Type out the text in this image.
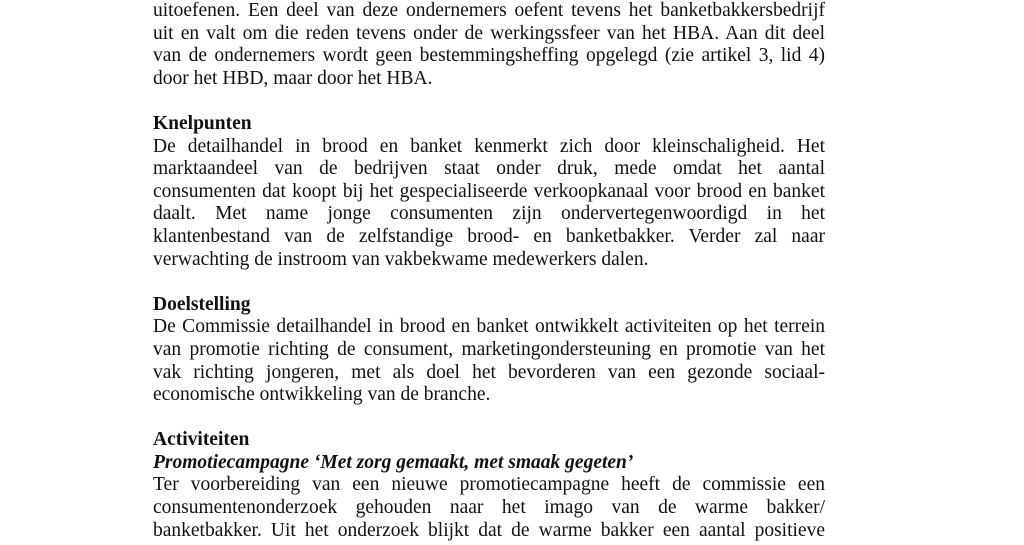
uitoefenen. Een deel van deze ondernemers oefent tevens het banketbakkersbedrijf
uit en valt om die reden tevens onder de werkingssfeer van het HBA. Aan dit deel
van de ondernemers wordt geen bestemmingsheffing opgelegd (zie artikel 3, lid 4)
door het HBD, maar door het HBA.
Knelpunten
De detailhandel in brood en banket kenmerkt zich door kleinschaligheid. Het
marktaandeel van de bedrijven staat onder druk, mede omdat het aantal
consumenten dat koopt bij het gespecialiseerde verkoopkanaal voor brood en banket
daalt. Met name jonge consumenten zijn ondervertegenwoordigd in het
klantenbestand van de zelfstandige brood- en banketbakker. Verder zal naar
verwachting de instroom van vakbekwame medewerkers dalen.
Doelstelling
De Commissie detailhandel in brood en banket ontwikkelt activiteiten op het terrein
van promotie richting de consument, marketingondersteuning en promotie van het
vak richting jongeren, met als doel het bevorderen van een gezonde sociaal-
economische ontwikkeling van de branche.
Activiteiten
Promotiecampagne ‘Met zorg gemaakt, met smaak gegeten’
Ter voorbereiding van een nieuwe promotiecampagne heeft de commissie een
consumentenonderzoek gehouden naar het imago van de warme bakker/
banketbakker. Uit het onderzoek blijkt dat de warme bakker een aantal positieve
